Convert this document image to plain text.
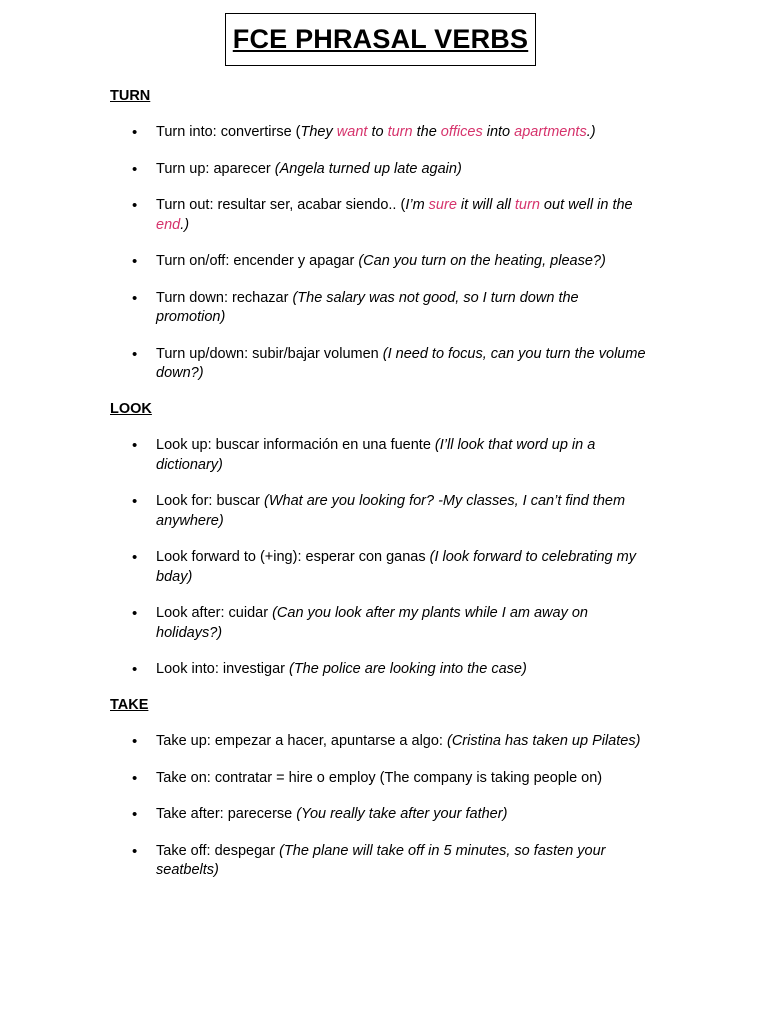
FCE PHRASAL VERBS
TURN
• Turn into: convertirse (They want to turn the offices into apartments.)
• Turn up: aparecer (Angela turned up late again)
• Turn out: resultar ser, acabar siendo.. (I’m sure it will all turn out well in the end.)
• Turn on/off: encender y apagar (Can you turn on the heating, please?)
• Turn down: rechazar (The salary was not good, so I turn down the promotion)
• Turn up/down: subir/bajar volumen (I need to focus, can you turn the volume down?)
LOOK
• Look up: buscar información en una fuente (I’ll look that word up in a dictionary)
• Look for: buscar (What are you looking for? -My classes, I can’t find them anywhere)
• Look forward to (+ing): esperar con ganas (I look forward to celebrating my bday)
• Look after: cuidar (Can you look after my plants while I am away on holidays?)
• Look into: investigar (The police are looking into the case)
TAKE
• Take up: empezar a hacer, apuntarse a algo: (Cristina has taken up Pilates)
• Take on: contratar = hire o employ (The company is taking people on)
• Take after: parecerse (You really take after your father)
• Take off: despegar (The plane will take off in 5 minutes, so fasten your seatbelts)
